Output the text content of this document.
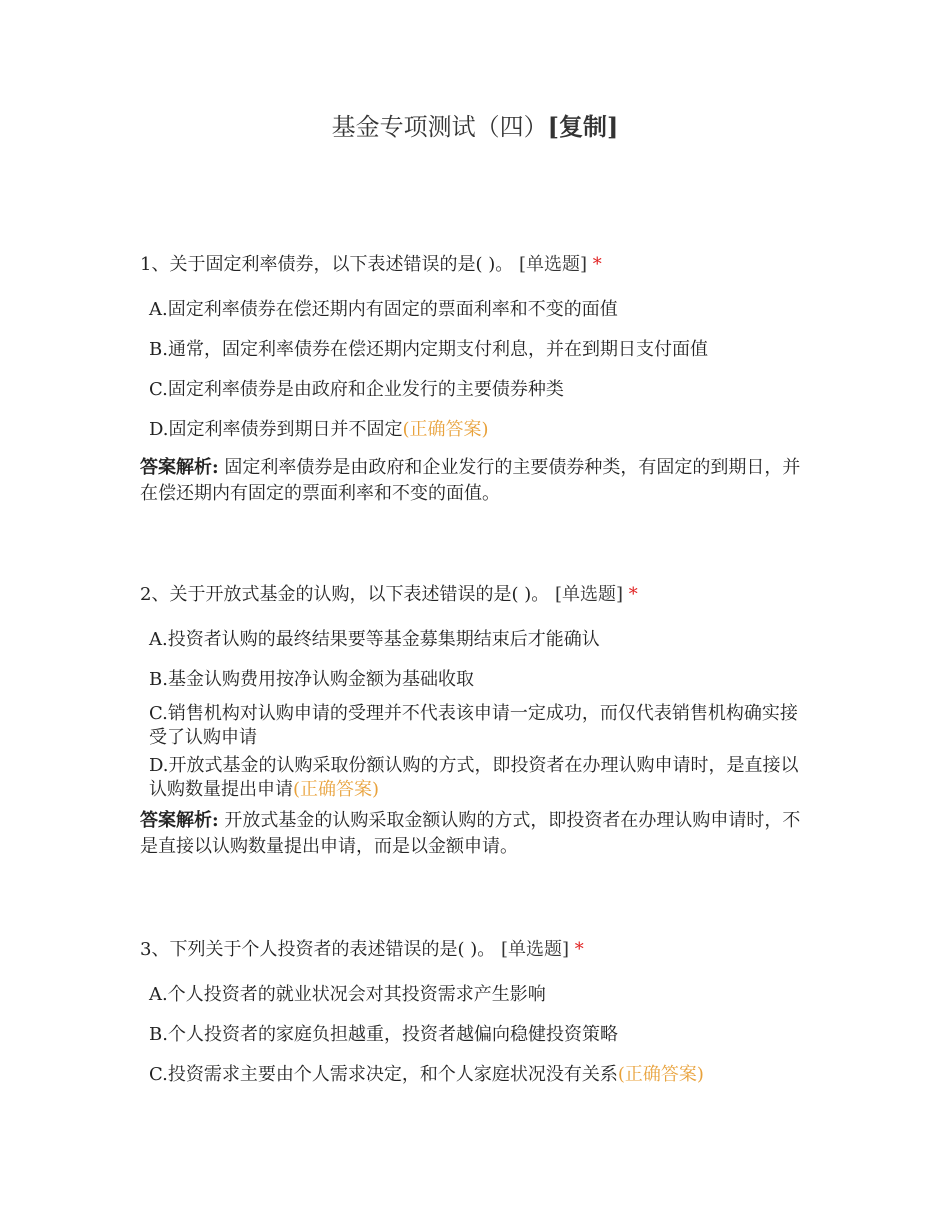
基金专项测试（四）[复制]
1、关于固定利率债券，以下表述错误的是( )。 [单选题] *
A.固定利率债券在偿还期内有固定的票面利率和不变的面值
B.通常，固定利率债券在偿还期内定期支付利息，并在到期日支付面值
C.固定利率债券是由政府和企业发行的主要债券种类
D.固定利率债券到期日并不固定(正确答案)
答案解析: 固定利率债券是由政府和企业发行的主要债券种类，有固定的到期日，并在偿还期内有固定的票面利率和不变的面值。
2、关于开放式基金的认购，以下表述错误的是( )。 [单选题] *
A.投资者认购的最终结果要等基金募集期结束后才能确认
B.基金认购费用按净认购金额为基础收取
C.销售机构对认购申请的受理并不代表该申请一定成功，而仅代表销售机构确实接受了认购申请
D.开放式基金的认购采取份额认购的方式，即投资者在办理认购申请时，是直接以认购数量提出申请(正确答案)
答案解析: 开放式基金的认购采取金额认购的方式，即投资者在办理认购申请时，不是直接以认购数量提出申请，而是以金额申请。
3、下列关于个人投资者的表述错误的是( )。 [单选题] *
A.个人投资者的就业状况会对其投资需求产生影响
B.个人投资者的家庭负担越重，投资者越偏向稳健投资策略
C.投资需求主要由个人需求决定，和个人家庭状况没有关系(正确答案)
